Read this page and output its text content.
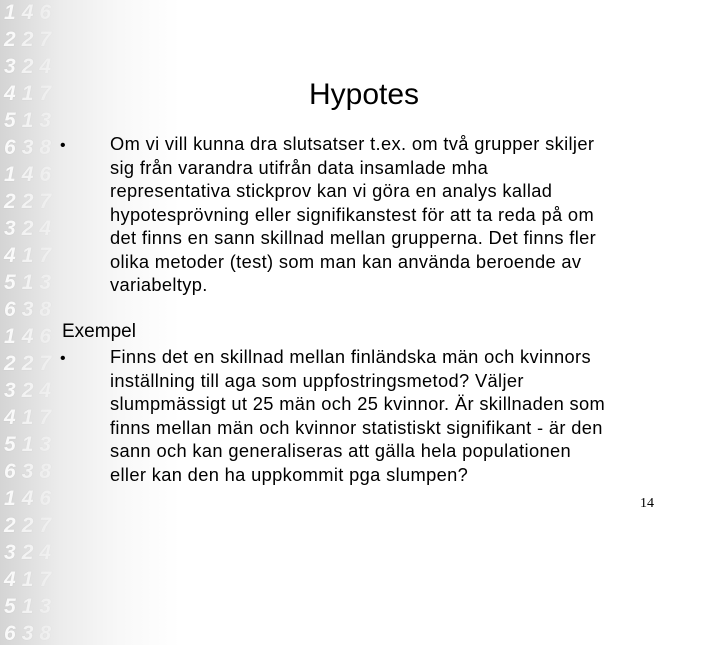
1 4 6
2 2 7
3 2 4
4 1 7
5 1 3
6 3 8
1 4 6
2 2 7
3 2 4
4 1 7
5 1 3
6 3 8
1 4 6
2 2 7
3 2 4
4 1 7
5 1 3
6 3 8
1 4 6
2 2 7
3 2 4
4 1 7
5 1 3
6 3 8
Hypotes
• Om vi vill kunna dra slutsatser t.ex. om två grupper skiljer
sig från varandra utifrån data insamlade mha
representativa stickprov kan vi göra en analys kallad
hypotesprövning eller signifikanstest för att ta reda på om
det finns en sann skillnad mellan grupperna. Det finns fler
olika metoder (test) som man kan använda beroende av
variabeltyp.
Exempel
• Finns det en skillnad mellan finländska män och kvinnors
inställning till aga som uppfostringsmetod? Väljer
slumpmässigt ut 25 män och 25 kvinnor. Är skillnaden som
finns mellan män och kvinnor statistiskt signifikant - är den
sann och kan generaliseras att gälla hela populationen
eller kan den ha uppkommit pga slumpen?
14
